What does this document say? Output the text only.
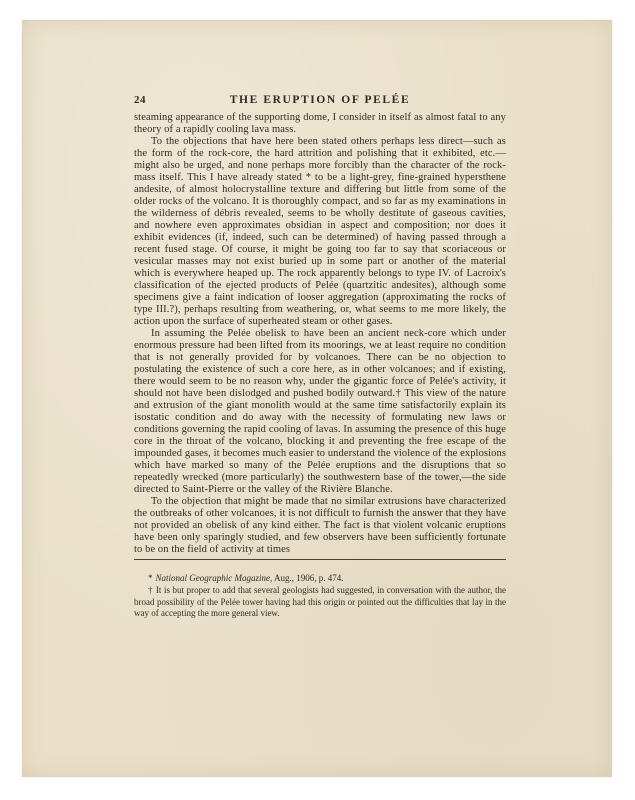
24	THE ERUPTION OF PELÉE

steaming appearance of the supporting dome, I consider in itself as almost fatal to any theory of a rapidly cooling lava mass.

To the objections that have here been stated others perhaps less direct—such as the form of the rock-core, the hard attrition and polishing that it exhibited, etc.—might also be urged, and none perhaps more forcibly than the character of the rock-mass itself. This I have already stated * to be a light-grey, fine-grained hypersthene andesite, of almost holocrystalline texture and differing but little from some of the older rocks of the volcano. It is thoroughly compact, and so far as my examinations in the wilderness of débris revealed, seems to be wholly destitute of gaseous cavities, and nowhere even approximates obsidian in aspect and composition; nor does it exhibit evidences (if, indeed, such can be determined) of having passed through a recent fused stage. Of course, it might be going too far to say that scoriaceous or vesicular masses may not exist buried up in some part or another of the material which is everywhere heaped up. The rock apparently belongs to type IV. of Lacroix's classification of the ejected products of Pelée (quartzitic andesites), although some specimens give a faint indication of looser aggregation (approximating the rocks of type III.?), perhaps resulting from weathering, or, what seems to me more likely, the action upon the surface of superheated steam or other gases.

In assuming the Pelée obelisk to have been an ancient neck-core which under enormous pressure had been lifted from its moorings, we at least require no condition that is not generally provided for by volcanoes. There can be no objection to postulating the existence of such a core here, as in other volcanoes; and if existing, there would seem to be no reason why, under the gigantic force of Pelée's activity, it should not have been dislodged and pushed bodily outward.† This view of the nature and extrusion of the giant monolith would at the same time satisfactorily explain its isostatic condition and do away with the necessity of formulating new laws or conditions governing the rapid cooling of lavas. In assuming the presence of this huge core in the throat of the volcano, blocking it and preventing the free escape of the impounded gases, it becomes much easier to understand the violence of the explosions which have marked so many of the Pelée eruptions and the disruptions that so repeatedly wrecked (more particularly) the southwestern base of the tower,—the side directed to Saint-Pierre or the valley of the Rivière Blanche.

To the objection that might be made that no similar extrusions have characterized the outbreaks of other volcanoes, it is not difficult to furnish the answer that they have not provided an obelisk of any kind either. The fact is that violent volcanic eruptions have been only sparingly studied, and few observers have been sufficiently fortunate to be on the field of activity at times

* National Geographic Magazine, Aug., 1906, p. 474.

† It is but proper to add that several geologists had suggested, in conversation with the author, the broad possibility of the Pelée tower having had this origin or pointed out the difficulties that lay in the way of accepting the more general view.
